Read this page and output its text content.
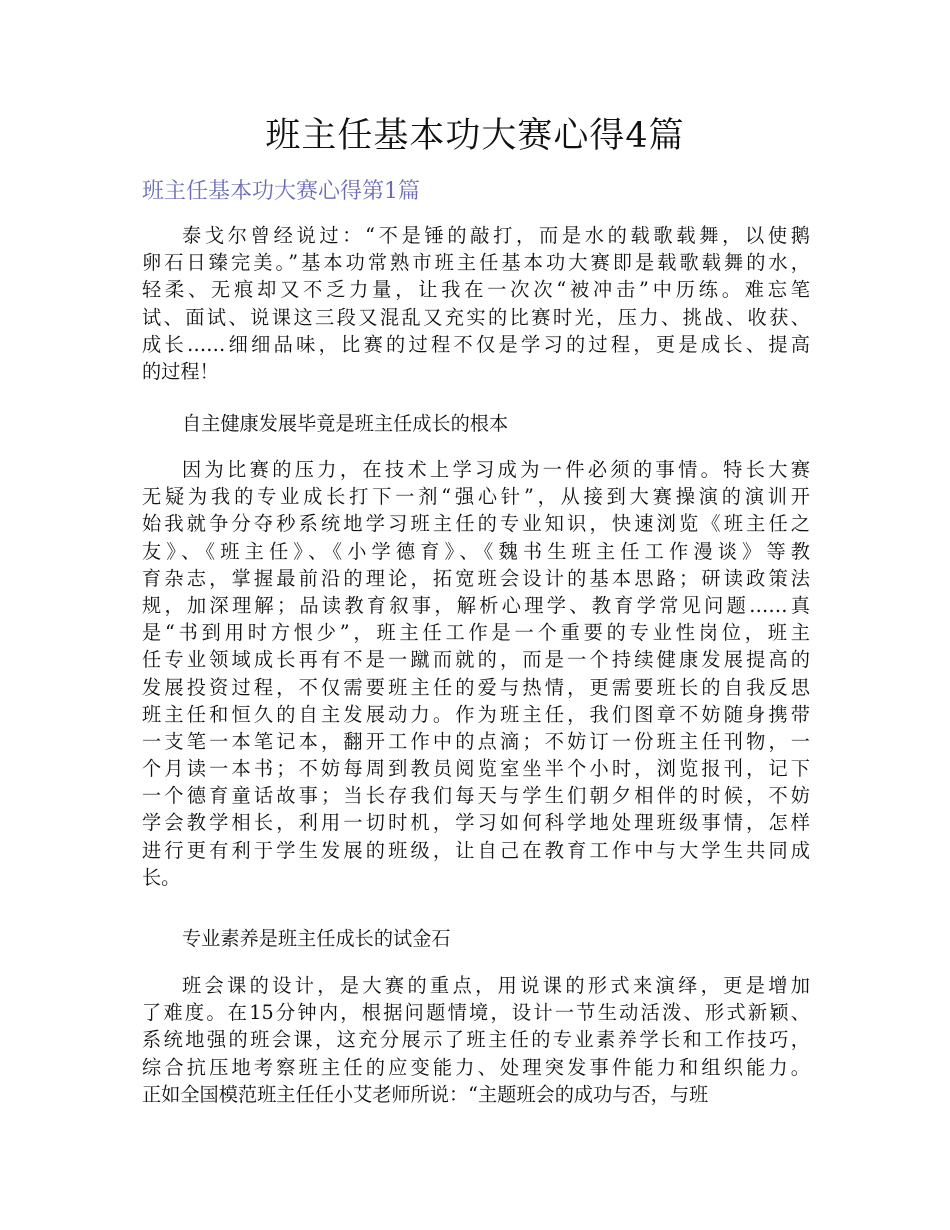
班主任基本功大赛心得4篇
班主任基本功大赛心得第1篇
泰戈尔曾经说过：“不是锤的敲打，而是水的载歌载舞，以使鹅
卵石日臻完美。”基本功常熟市班主任基本功大赛即是载歌载舞的水，
轻柔、无痕却又不乏力量，让我在一次次“被冲击”中历练。难忘笔
试、面试、说课这三段又混乱又充实的比赛时光，压力、挑战、收获、
成长……细细品味，比赛的过程不仅是学习的过程，更是成长、提高
的过程！

自主健康发展毕竟是班主任成长的根本

因为比赛的压力，在技术上学习成为一件必须的事情。特长大赛
无疑为我的专业成长打下一剂“强心针”，从接到大赛操演的演训开
始我就争分夺秒系统地学习班主任的专业知识，快速浏览《班主任之
友》、《班主任》、《小学德育》、《魏书生班主任工作漫谈》等教
育杂志，掌握最前沿的理论，拓宽班会设计的基本思路；研读政策法
规，加深理解；品读教育叙事，解析心理学、教育学常见问题……真
是“书到用时方恨少”，班主任工作是一个重要的专业性岗位，班主
任专业领域成长再有不是一蹴而就的，而是一个持续健康发展提高的
发展投资过程，不仅需要班主任的爱与热情，更需要班长的自我反思
班主任和恒久的自主发展动力。作为班主任，我们图章不妨随身携带
一支笔一本笔记本，翻开工作中的点滴；不妨订一份班主任刊物，一
个月读一本书；不妨每周到教员阅览室坐半个小时，浏览报刊，记下
一个德育童话故事；当长存我们每天与学生们朝夕相伴的时候，不妨
学会教学相长，利用一切时机，学习如何科学地处理班级事情，怎样
进行更有利于学生发展的班级，让自己在教育工作中与大学生共同成
长。

专业素养是班主任成长的试金石

班会课的设计，是大赛的重点，用说课的形式来演绎，更是增加
了难度。在15分钟内，根据问题情境，设计一节生动活泼、形式新颖、
系统地强的班会课，这充分展示了班主任的专业素养学长和工作技巧，
综合抗压地考察班主任的应变能力、处理突发事件能力和组织能力。
正如全国模范班主任任小艾老师所说：“主题班会的成功与否，与班
